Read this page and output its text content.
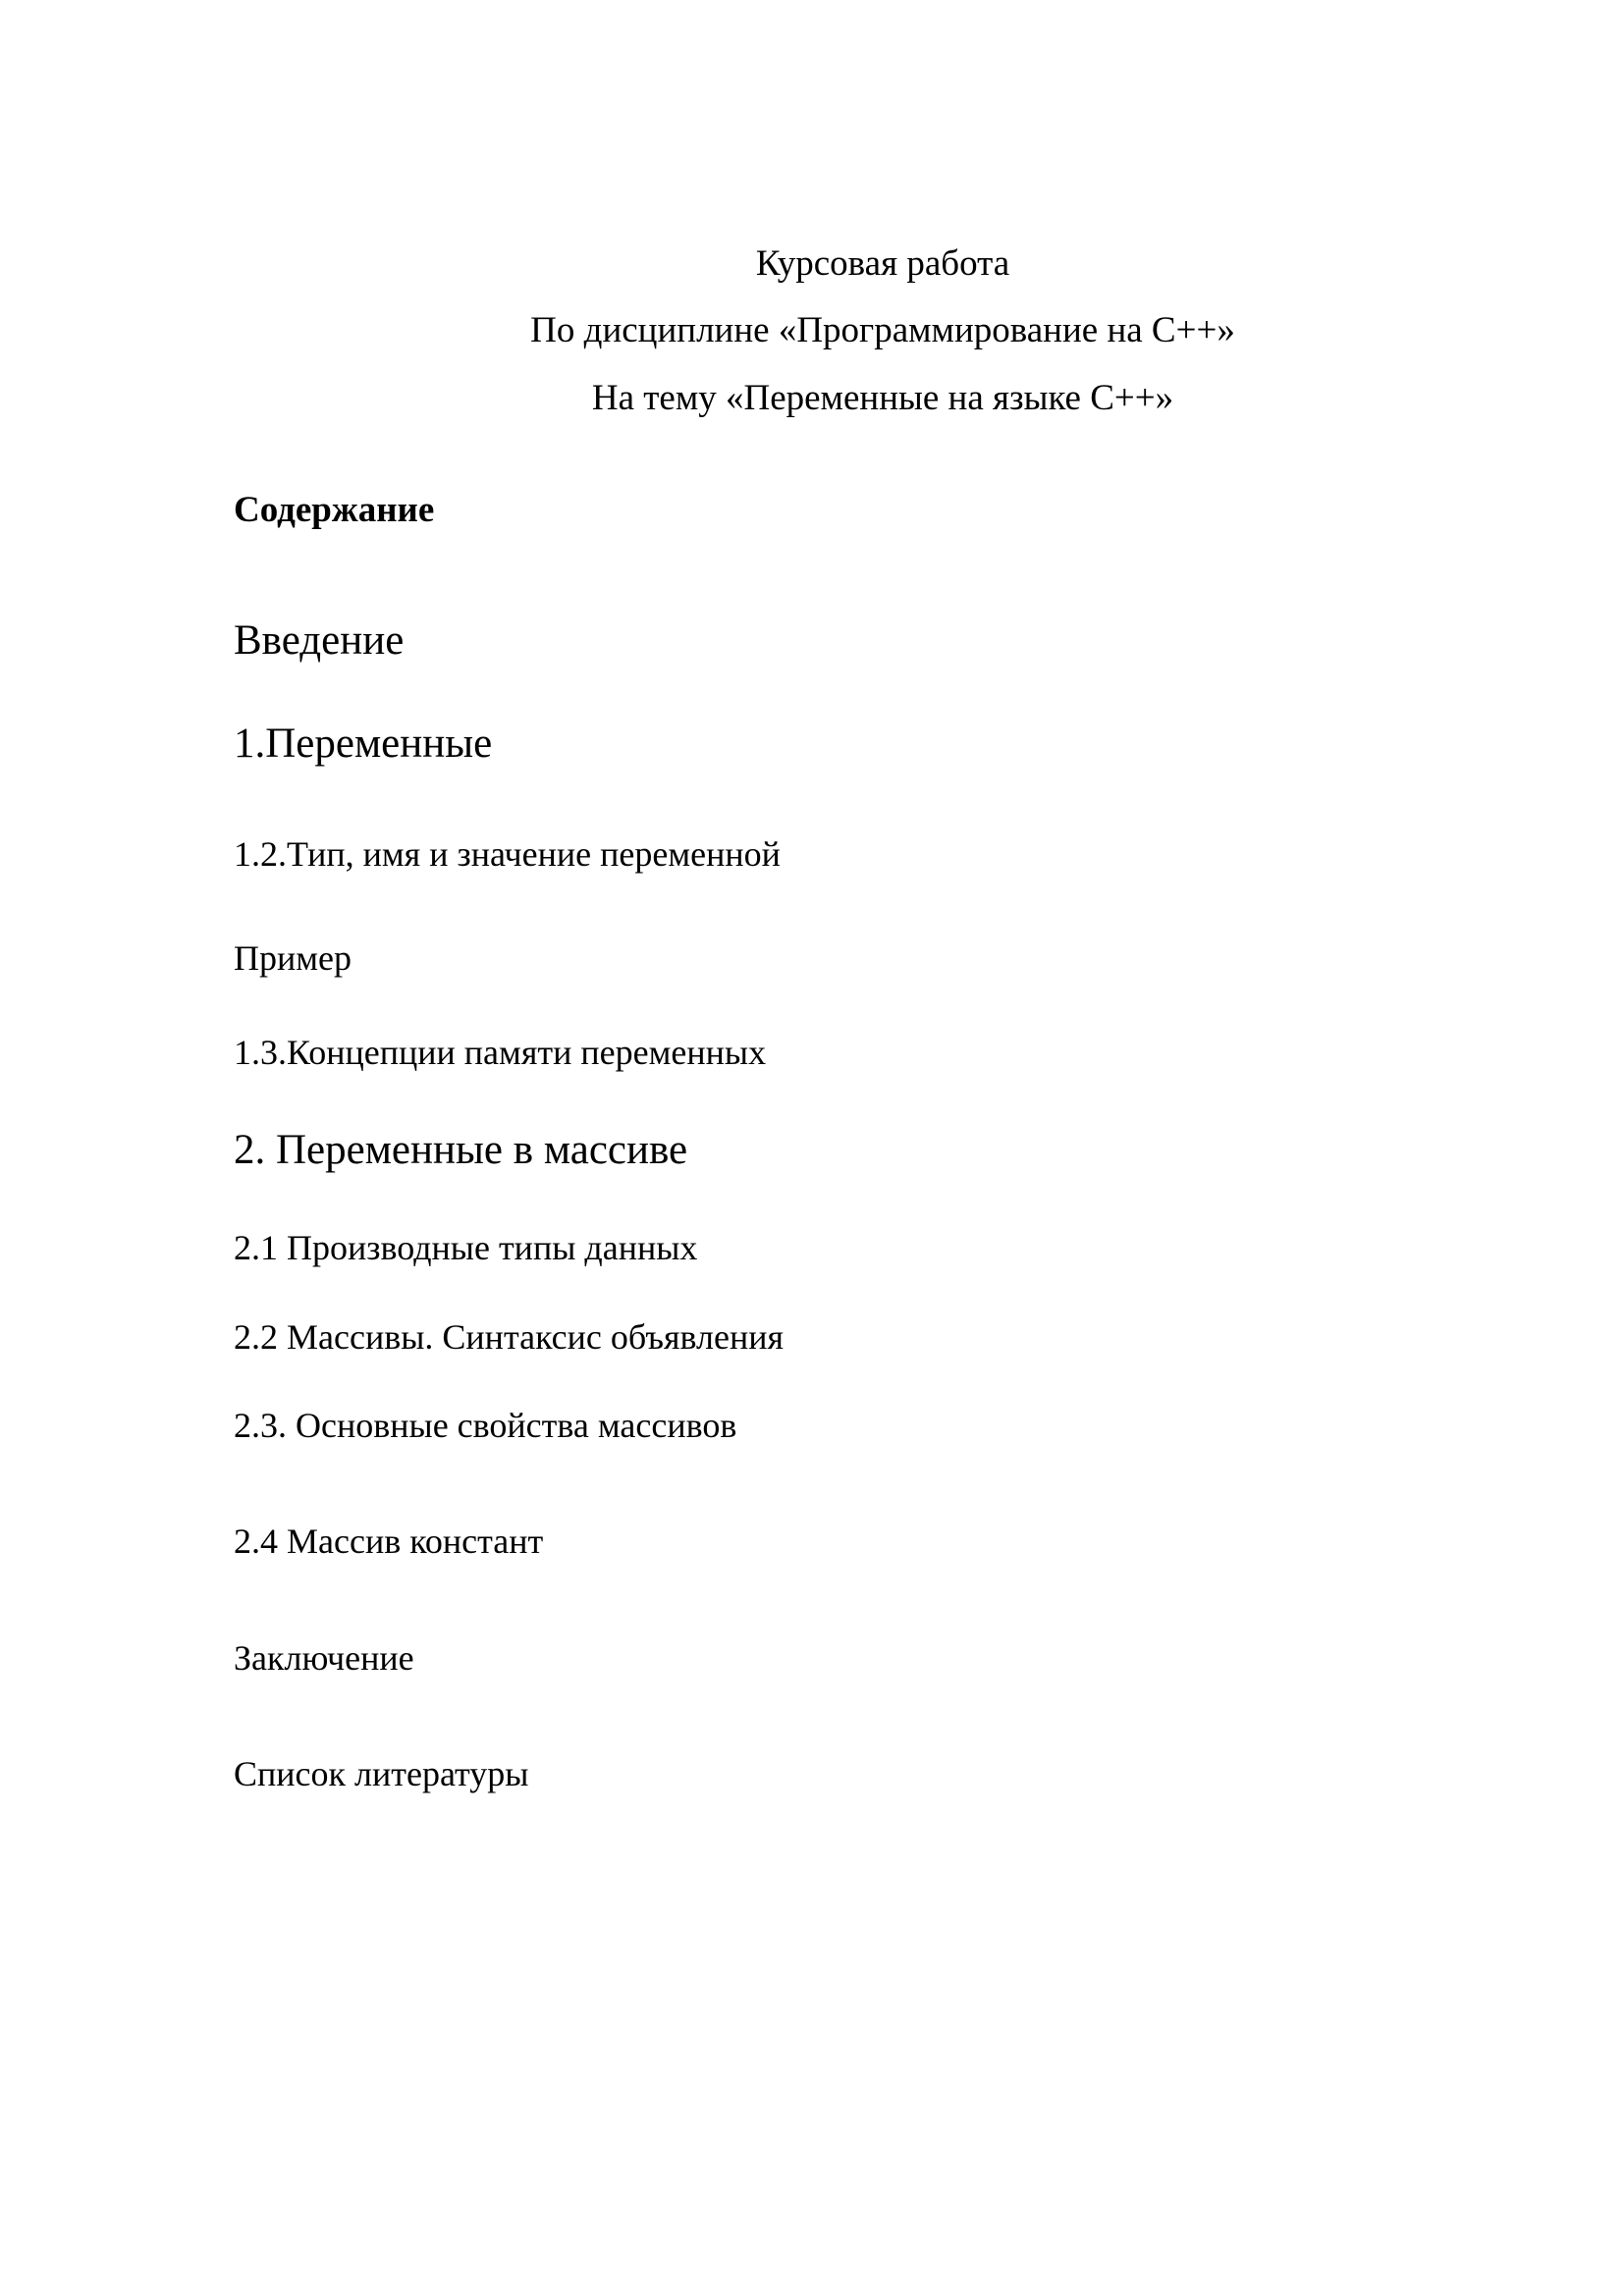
Курсовая работа
По дисциплине «Программирование на С++»
На тему «Переменные на языке С++»
Содержание
Введение
1.Переменные
1.2.Тип, имя и значение переменной
Пример
1.3.Концепции памяти переменных
2. Переменные в массиве
2.1 Производные типы данных
2.2 Массивы. Синтаксис объявления
2.3. Основные свойства массивов
2.4 Массив констант
Заключение
Список литературы
